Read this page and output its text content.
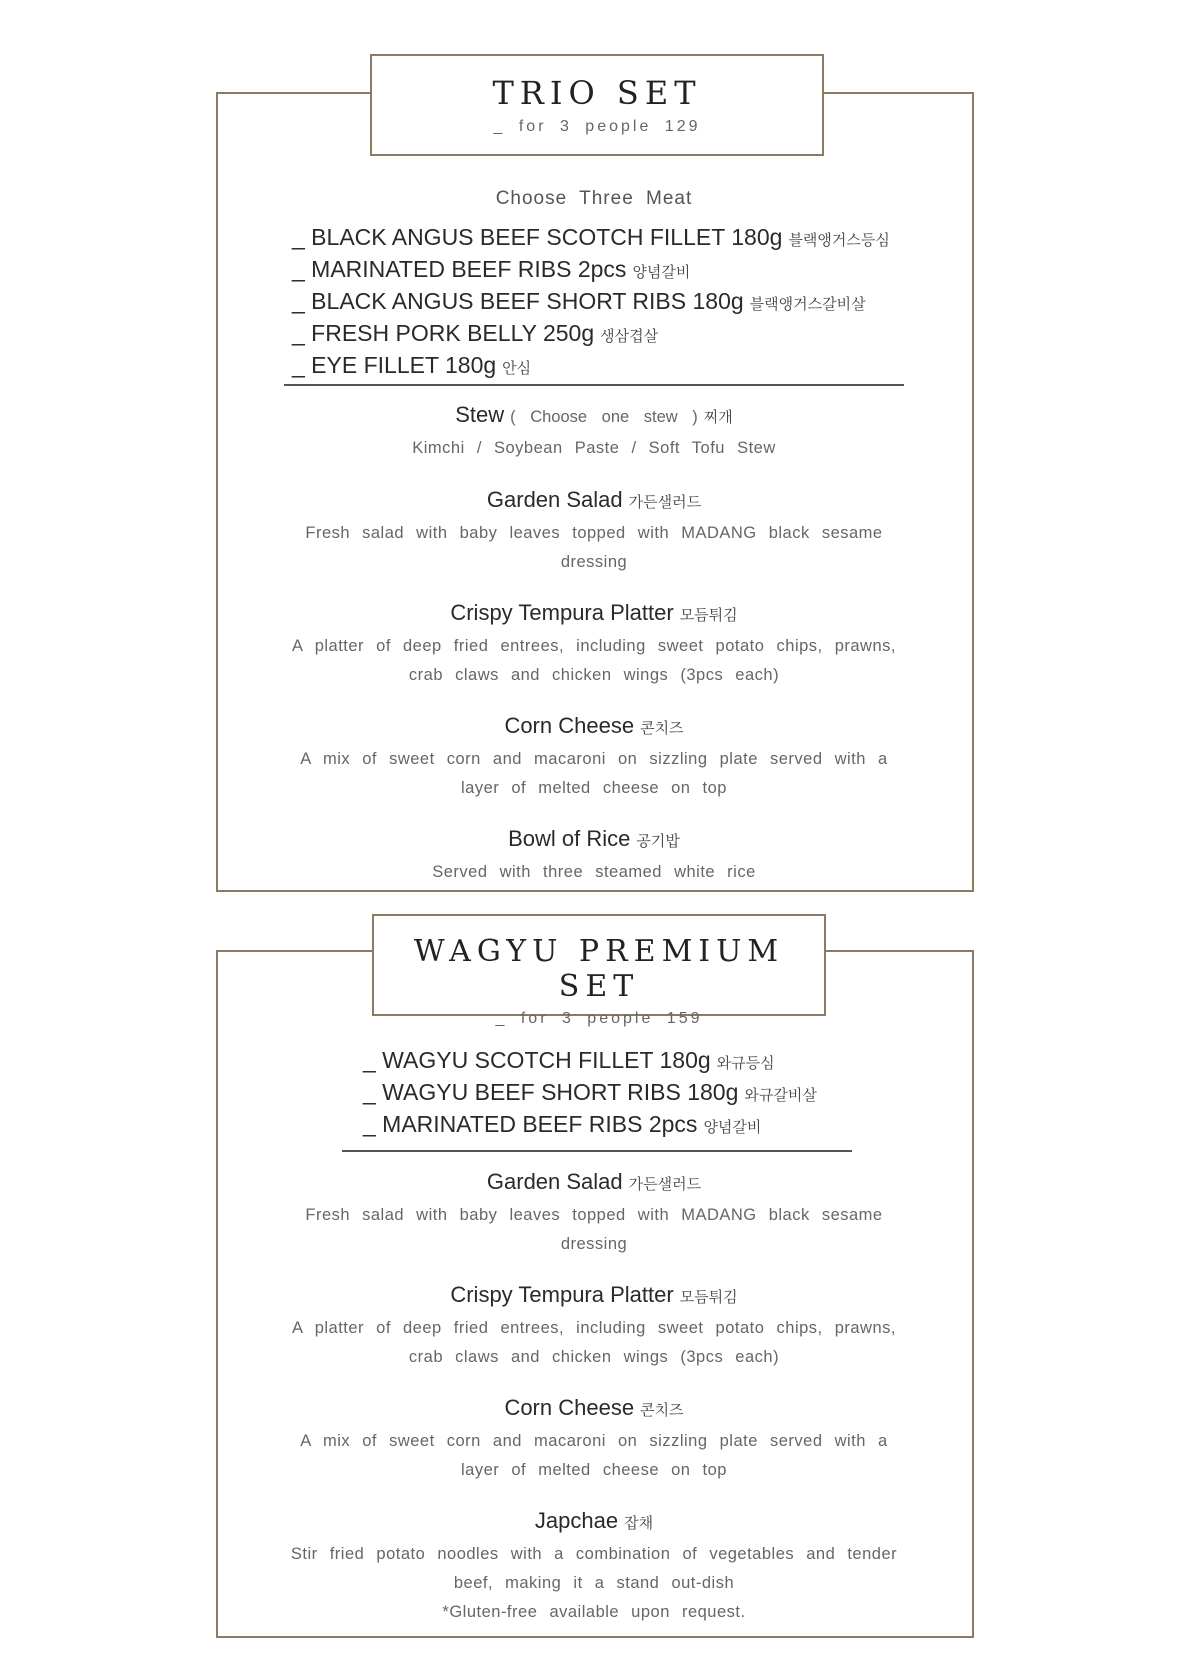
TRIO SET
_ for 3 people 129
Choose Three Meat
_ BLACK ANGUS BEEF SCOTCH FILLET 180g 블랙앵거스등심
_ MARINATED BEEF RIBS 2pcs 양념갈비
_ BLACK ANGUS BEEF SHORT RIBS 180g 블랙앵거스갈비살
_ FRESH PORK BELLY 250g 생삼겹살
_ EYE FILLET 180g 안심
Stew ( Choose one stew ) 찌개
Kimchi / Soybean Paste / Soft Tofu Stew
Garden Salad 가든샐러드
Fresh salad with baby leaves topped with MADANG black sesame dressing
Crispy Tempura Platter 모듬튀김
A platter of deep fried entrees, including sweet potato chips, prawns, crab claws and chicken wings (3pcs each)
Corn Cheese 콘치즈
A mix of sweet corn and macaroni on sizzling plate served with a layer of melted cheese on top
Bowl of Rice 공기밥
Served with three steamed white rice
WAGYU PREMIUM SET
_ for 3 people 159
_ WAGYU SCOTCH FILLET 180g 와규등심
_ WAGYU BEEF SHORT RIBS 180g 와규갈비살
_ MARINATED BEEF RIBS 2pcs 양념갈비
Garden Salad 가든샐러드
Fresh salad with baby leaves topped with MADANG black sesame dressing
Crispy Tempura Platter 모듬튀김
A platter of deep fried entrees, including sweet potato chips, prawns, crab claws and chicken wings (3pcs each)
Corn Cheese 콘치즈
A mix of sweet corn and macaroni on sizzling plate served with a layer of melted cheese on top
Japchae 잡채
Stir fried potato noodles with a combination of vegetables and tender beef, making it a stand out-dish
*Gluten-free available upon request.
